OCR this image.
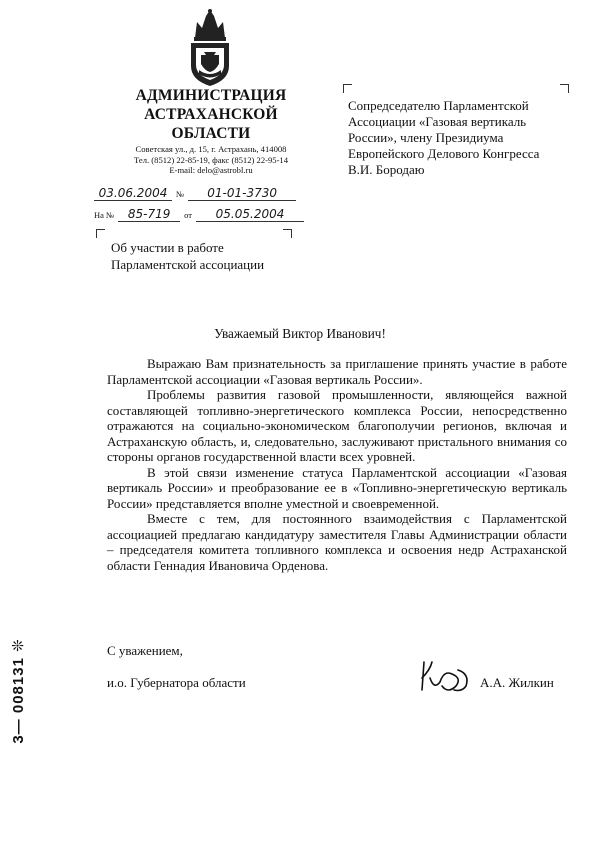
АДМИНИСТРАЦИЯ
АСТРАХАНСКОЙ
ОБЛАСТИ
Советская ул., д. 15, г. Астрахань, 414008
Тел. (8512) 22-85-19, факс (8512) 22-95-14
E-mail: delo@astrobl.ru
03.06.2004 № 01-01-3730
На № 85-719 от 05.05.2004
Об участии в работе
Парламентской ассоциации
Сопредседателю Парламентской
Ассоциации «Газовая вертикаль
России», члену Президиума
Европейского Делового Конгресса
В.И. Бородаю
Уважаемый Виктор Иванович!

Выражаю Вам признательность за приглашение принять участие в работе Парламентской ассоциации «Газовая вертикаль России».

Проблемы развития газовой промышленности, являющейся важной составляющей топливно-энергетического комплекса России, непосредственно отражаются на социально-экономическом благополучии регионов, включая и Астраханскую область, и, следовательно, заслуживают пристального внимания со стороны органов государственной власти всех уровней.

В этой связи изменение статуса Парламентской ассоциации «Газовая вертикаль России» и преобразование ее в «Топливно-энергетическую вертикаль России» представляется вполне уместной и своевременной.

Вместе с тем, для постоянного взаимодействия с Парламентской ассоциацией предлагаю кандидатуру заместителя Главы Администрации области – председателя комитета топливного комплекса и освоения недр Астраханской области Геннадия Ивановича Орденова.

С уважением,
и.о. Губернатора области	А.А. Жилкин
3— 008131 ❊
